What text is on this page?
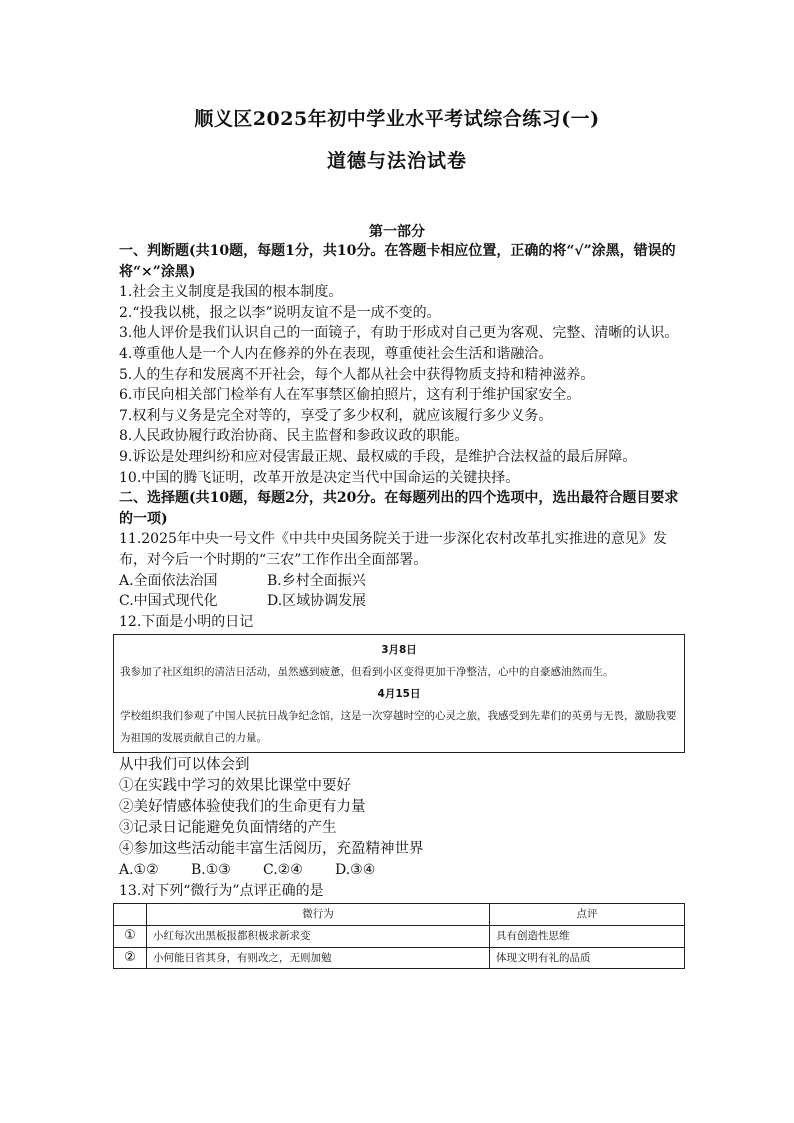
顺义区2025年初中学业水平考试综合练习(一)
道德与法治试卷
第一部分

一、判断题(共10题，每题1分，共10分。在答题卡相应位置，正确的将“√”涂黑，错误的将“×”涂黑)

1.社会主义制度是我国的根本制度。

2.“投我以桃，报之以李”说明友谊不是一成不变的。

3.他人评价是我们认识自己的一面镜子，有助于形成对自己更为客观、完整、清晰的认识。

4.尊重他人是一个人内在修养的外在表现，尊重使社会生活和谐融洽。

5.人的生存和发展离不开社会，每个人都从社会中获得物质支持和精神滋养。

6.市民向相关部门检举有人在军事禁区偷拍照片，这有利于维护国家安全。

7.权利与义务是完全对等的，享受了多少权利，就应该履行多少义务。

8.人民政协履行政治协商、民主监督和参政议政的职能。

9.诉讼是处理纠纷和应对侵害最正规、最权威的手段，是维护合法权益的最后屏障。

10.中国的腾飞证明，改革开放是决定当代中国命运的关键抉择。

二、选择题(共10题，每题2分，共20分。在每题列出的四个选项中，选出最符合题目要求的一项)

11.2025年中央一号文件《中共中央国务院关于进一步深化农村改革扎实推进的意见》发布，对今后一个时期的“三农”工作作出全面部署。

A.全面依法治国	B.乡村全面振兴
C.中国式现代化	D.区域协调发展

12.下面是小明的日记

3月8日

我参加了社区组织的清洁日活动，虽然感到疲惫，但看到小区变得更加干净整洁，心中的自豪感油然而生。

4月15日

学校组织我们参观了中国人民抗日战争纪念馆，这是一次穿越时空的心灵之旅，我感受到先辈们的英勇与无畏，激励我要为祖国的发展贡献自己的力量。

从中我们可以体会到

①在实践中学习的效果比课堂中要好

②美好情感体验使我们的生命更有力量

③记录日记能避免负面情绪的产生

④参加这些活动能丰富生活阅历，充盈精神世界

A.①②	B.①③	C.②④	D.③④

13.对下列“微行为”点评正确的是

	微行为	点评
①	小红每次出黑板报都积极求新求变	具有创造性思维
②	小何能日省其身，有则改之，无则加勉	体现文明有礼的品质
